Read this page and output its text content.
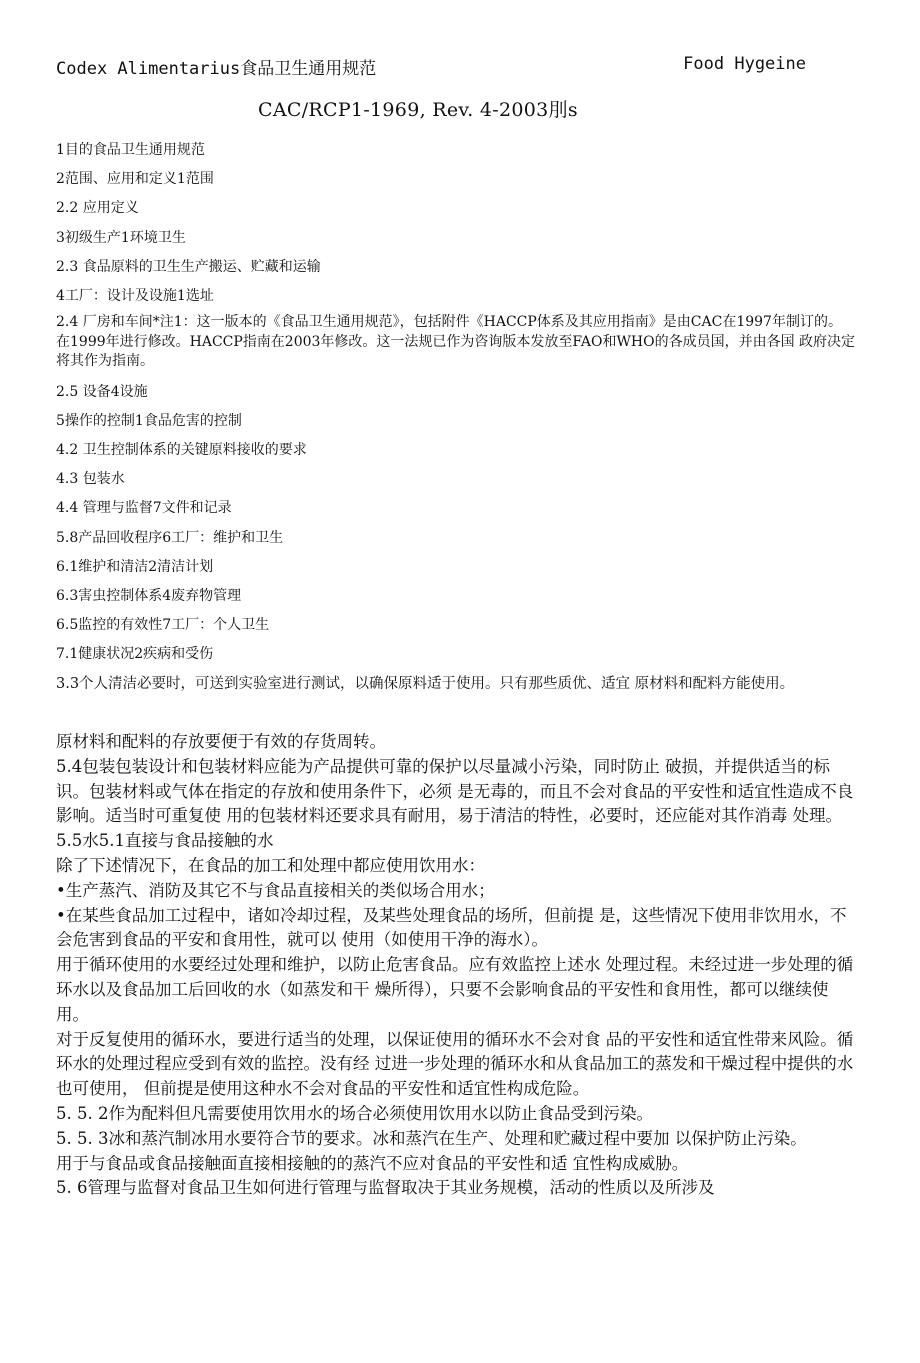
Codex Alimentarius食品卫生通用规范	Food Hygeine
CAC/RCP1-1969, Rev. 4-2003刖s
1目的食品卫生通用规范
2范围、应用和定义1范围
2.2 应用定义
3初级生产1环境卫生
2.3 食品原料的卫生生产搬运、贮藏和运输
4工厂：设计及设施1选址
2.4 厂房和车间*注1：这一版本的《食品卫生通用规范》，包括附件《HACCP体系及其应用指南》是由CAC在1997年制订的。 在1999年进行修改。HACCP指南在2003年修改。这一法规已作为咨询版本发放至FAO和WHO的各成员国，并由各国 政府决定将其作为指南。
2.5 设备4设施
5操作的控制1食品危害的控制
4.2 卫生控制体系的关键原料接收的要求
4.3 包装水
4.4 管理与监督7文件和记录
5.8产品回收程序6工厂：维护和卫生
6.1维护和清洁2清洁计划
6.3害虫控制体系4废弃物管理
6.5监控的有效性7工厂：个人卫生
7.1健康状况2疾病和受伤
3.3个人清洁必要时，可送到实验室进行测试，以确保原料适于使用。只有那些质优、适宜 原材料和配料方能使用。

原材料和配料的存放要便于有效的存货周转。

5.4包装包装设计和包装材料应能为产品提供可靠的保护以尽量减小污染，同时防止 破损，并提供适当的标识。包装材料或气体在指定的存放和使用条件下，必须 是无毒的，而且不会对食品的平安性和适宜性造成不良影响。适当时可重复使 用的包装材料还要求具有耐用，易于清洁的特性，必要时，还应能对其作消毒 处理。

5.5水5.1直接与食品接触的水

除了下述情况下，在食品的加工和处理中都应使用饮用水：

•生产蒸汽、消防及其它不与食品直接相关的类似场合用水；

•在某些食品加工过程中，诸如冷却过程，及某些处理食品的场所，但前提 是，这些情况下使用非饮用水，不会危害到食品的平安和食用性，就可以 使用（如使用干净的海水）。

用于循环使用的水要经过处理和维护，以防止危害食品。应有效监控上述水 处理过程。未经过进一步处理的循环水以及食品加工后回收的水（如蒸发和干 燥所得），只要不会影响食品的平安性和食用性，都可以继续使用。

对于反复使用的循环水，要进行适当的处理，以保证使用的循环水不会对食 品的平安性和适宜性带来风险。循环水的处理过程应受到有效的监控。没有经 过进一步处理的循环水和从食品加工的蒸发和干燥过程中提供的水也可使用， 但前提是使用这种水不会对食品的平安性和适宜性构成危险。

5. 5. 2作为配料但凡需要使用饮用水的场合必须使用饮用水以防止食品受到污染。

5. 5. 3冰和蒸汽制冰用水要符合节的要求。冰和蒸汽在生产、处理和贮藏过程中要加 以保护防止污染。

用于与食品或食品接触面直接相接触的的蒸汽不应对食品的平安性和适 宜性构成威胁。

5. 6管理与监督对食品卫生如何进行管理与监督取决于其业务规模，活动的性质以及所涉及
